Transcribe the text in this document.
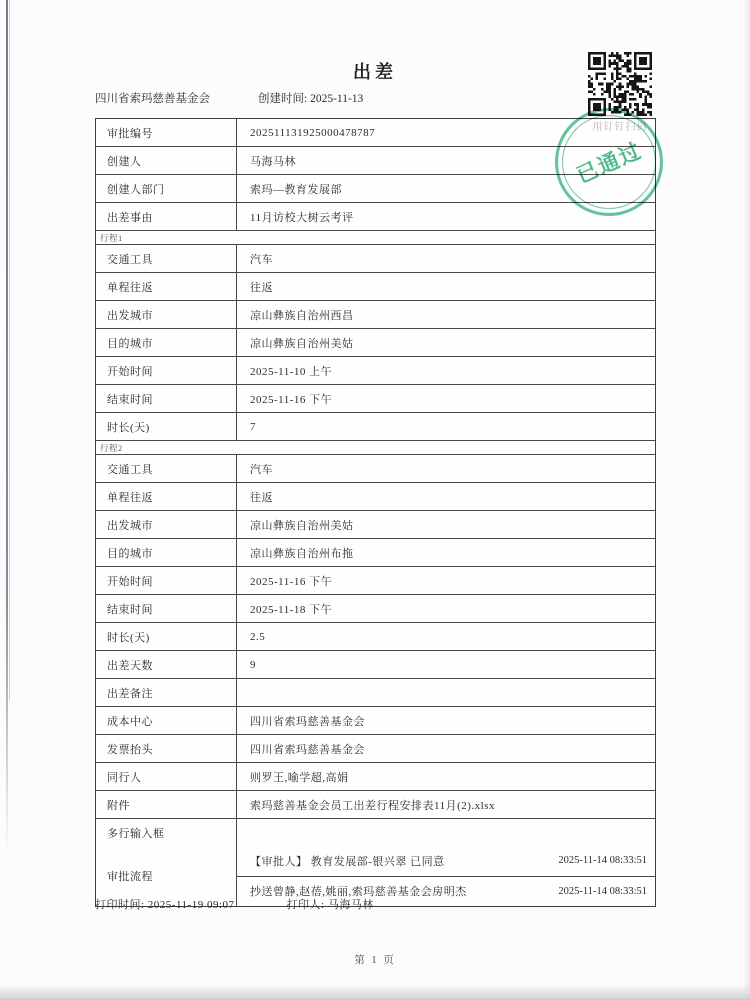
出差
四川省索玛慈善基金会	创建时间: 2025-11-13
已通过
审批编号	202511131925000478787
创建人	马海马林
创建人部门	索玛—教育发展部
出差事由	11月访校大树云考评
行程1
交通工具	汽车
单程往返	往返
出发城市	凉山彝族自治州西昌
目的城市	凉山彝族自治州美姑
开始时间	2025-11-10 上午
结束时间	2025-11-16 下午
时长(天)	7
行程2
交通工具	汽车
单程往返	往返
出发城市	凉山彝族自治州美姑
目的城市	凉山彝族自治州布拖
开始时间	2025-11-16 下午
结束时间	2025-11-18 下午
时长(天)	2.5
出差天数	9
出差备注
成本中心	四川省索玛慈善基金会
发票抬头	四川省索玛慈善基金会
同行人	则罗王,喻学超,高娟
附件	索玛慈善基金会员工出差行程安排表11月(2).xlsx
多行输入框
审批流程
【审批人】 教育发展部-银兴翠 已同意	2025-11-14 08:33:51
抄送曾静,赵蓓,姚丽,索玛慈善基金会房明杰	2025-11-14 08:33:51
打印时间: 2025-11-19 09:07	打印人: 马海马林
第 1 页
